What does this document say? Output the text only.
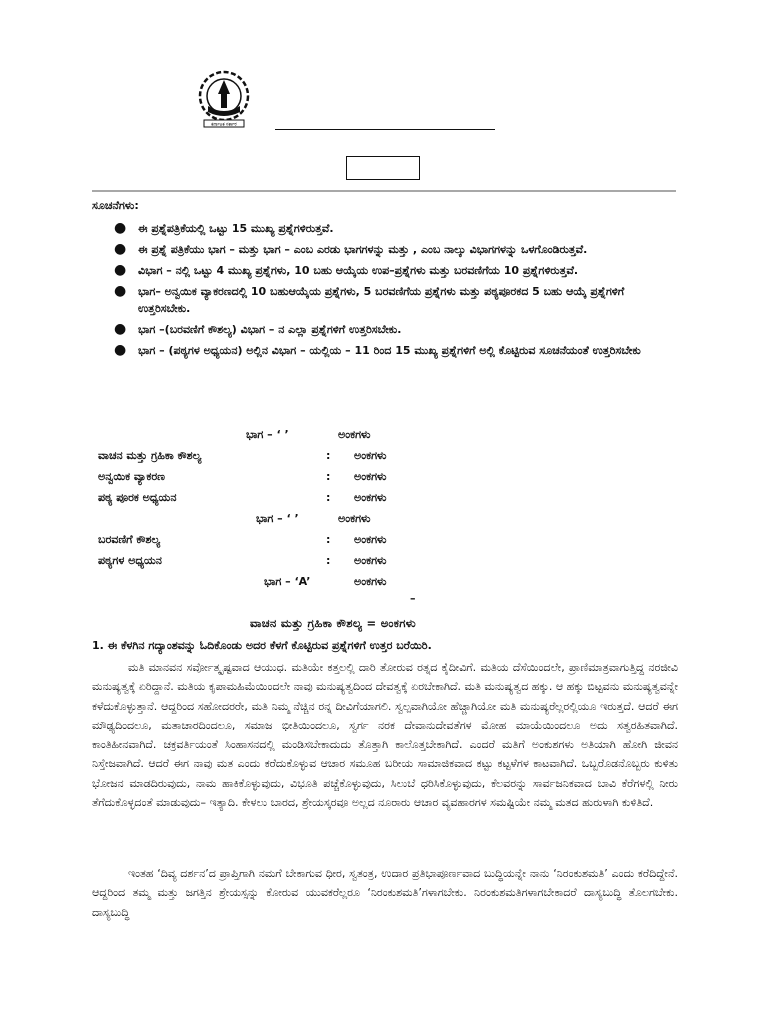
ಕರ್ನಾಟಕ ಸರ್ಕಾರ
ಸೂಚನೆಗಳು:
● ಈ ಪ್ರಶ್ನೆಪತ್ರಿಕೆಯಲ್ಲಿ ಒಟ್ಟು 15 ಮುಖ್ಯ ಪ್ರಶ್ನೆಗಳಿರುತ್ತವೆ.
● ಈ ಪ್ರಶ್ನೆ ಪತ್ರಿಕೆಯು ಭಾಗ – ಮತ್ತು ಭಾಗ – ಎಂಬ ಎರಡು ಭಾಗಗಳನ್ನು ಮತ್ತು , ಎಂಬ ನಾಲ್ಕು ವಿಭಾಗಗಳನ್ನು ಒಳಗೊಂಡಿರುತ್ತವೆ.
● ವಿಭಾಗ – ನಲ್ಲಿ ಒಟ್ಟು 4 ಮುಖ್ಯ ಪ್ರಶ್ನೆಗಳು, 10 ಬಹು ಆಯ್ಕೆಯ ಉಪ–ಪ್ರಶ್ನೆಗಳು ಮತ್ತು ಬರವಣಿಗೆಯ 10 ಪ್ರಶ್ನೆಗಳಿರುತ್ತವೆ.
● ಭಾಗ– ಅನ್ವಯಿಕ ವ್ಯಾಕರಣದಲ್ಲಿ 10 ಬಹುಆಯ್ಕೆಯ ಪ್ರಶ್ನೆಗಳು, 5 ಬರವಣಿಗೆಯ ಪ್ರಶ್ನೆಗಳು ಮತ್ತು ಪಠ್ಯಪೂರಕದ 5 ಬಹು ಆಯ್ಕೆ ಪ್ರಶ್ನೆಗಳಿಗೆ ಉತ್ತರಿಸಬೇಕು.
● ಭಾಗ –(ಬರವಣಿಗೆ ಕೌಶಲ್ಯ) ವಿಭಾಗ – ನ ಎಲ್ಲಾ ಪ್ರಶ್ನೆಗಳಿಗೆ ಉತ್ತರಿಸಬೇಕು.
● ಭಾಗ – (ಪಠ್ಯಗಳ ಅಧ್ಯಯನ) ಅಲ್ಲಿನ ವಿಭಾಗ – ಯಲ್ಲಿಯ – 11 ರಿಂದ 15 ಮುಖ್ಯ ಪ್ರಶ್ನೆಗಳಿಗೆ ಅಲ್ಲಿ ಕೊಟ್ಟಿರುವ ಸೂಚನೆಯಂತೆ ಉತ್ತರಿಸಬೇಕು
ಭಾಗ – ‘ ’	ಅಂಕಗಳು
ವಾಚನ ಮತ್ತು ಗ್ರಹಿಕಾ ಕೌಶಲ್ಯ	: ಅಂಕಗಳು
ಅನ್ವಯಿಕ ವ್ಯಾಕರಣ	: ಅಂಕಗಳು
ಪಠ್ಯ ಪೂರಕ ಅಧ್ಯಯನ	: ಅಂಕಗಳು
ಭಾಗ – ‘ ’	ಅಂಕಗಳು
ಬರವಣಿಗೆ ಕೌಶಲ್ಯ	: ಅಂಕಗಳು
ಪಠ್ಯಗಳ ಅಧ್ಯಯನ	: ಅಂಕಗಳು
ಭಾಗ – ‘A’	ಅಂಕಗಳು
–
ವಾಚನ ಮತ್ತು ಗ್ರಹಿಕಾ ಕೌಶಲ್ಯ = ಅಂಕಗಳು
1. ಈ ಕೆಳಗಿನ ಗದ್ಯಾಂಶವನ್ನು ಓದಿಕೊಂಡು ಅದರ ಕೆಳಗೆ ಕೊಟ್ಟಿರುವ ಪ್ರಶ್ನೆಗಳಿಗೆ ಉತ್ತರ ಬರೆಯಿರಿ.

ಮತಿ ಮಾನವನ ಸರ್ವೋತ್ಕೃಷ್ಟವಾದ ಆಯುಧ. ಮತಿಯೇ ಕತ್ತಲಲ್ಲಿ ದಾರಿ ತೋರುವ ರತ್ನದ ಕೈದೀವಿಗೆ. ಮತಿಯ ದೆಸೆಯಿಂದಲೇ, ಪ್ರಾಣಿಮಾತ್ರವಾಗುತ್ತಿದ್ದ ನರಜೀವಿ ಮನುಷ್ಯತ್ವಕ್ಕೆ ಏರಿದ್ದಾನೆ. ಮತಿಯ ಕೃಪಾಮಹಿಮೆಯಿಂದಲೇ ನಾವು ಮನುಷ್ಯತ್ವದಿಂದ ದೇವತ್ವಕ್ಕೆ ಏರಬೇಕಾಗಿದೆ. ಮತಿ ಮನುಷ್ಯತ್ವದ ಹಕ್ಕು. ಆ ಹಕ್ಕು ಬಿಟ್ಟವನು ಮನುಷ್ಯತ್ವವನ್ನೇ ಕಳೆದುಕೊಳ್ಳುತ್ತಾನೆ. ಆದ್ದರಿಂದ ಸಹೋದರರೇ, ಮತಿ ನಿಮ್ಮ ನೆಚ್ಚಿನ ರನ್ನ ದೀವಿಗೆಯಾಗಲಿ. ಸ್ವಲ್ಪವಾಗಿಯೋ ಹೆಚ್ಚಾಗಿಯೋ ಮತಿ ಮನುಷ್ಯರೆಲ್ಲರಲ್ಲಿಯೂ ಇರುತ್ತದೆ. ಆದರೆ ಈಗ ಮೌಢ್ಯದಿಂದಲೂ, ಮತಾಚಾರದಿಂದಲೂ, ಸಮಾಜ ಭೀತಿಯಿಂದಲೂ, ಸ್ವರ್ಗ ನರಕ ದೇವಾನುದೇವತೆಗಳ ಮೋಹ ಮಾಯೆಯಿಂದಲೂ ಅದು ಸತ್ವರಹಿತವಾಗಿದೆ. ಕಾಂತಿಹೀನವಾಗಿದೆ. ಚಕ್ರವರ್ತಿಯಂತೆ ಸಿಂಹಾಸನದಲ್ಲಿ ಮಂಡಿಸಬೇಕಾದುದು ತೊತ್ತಾಗಿ ಕಾಲೊತ್ತಬೇಕಾಗಿದೆ. ಎಂದರೆ ಮತಿಗೆ ಅಂಕುಶಗಳು ಅತಿಯಾಗಿ ಹೋಗಿ ಜೀವನ ನಿಸ್ತೇಜವಾಗಿದೆ. ಆದರೆ ಈಗ ನಾವು ಮತ ಎಂದು ಕರೆದುಕೊಳ್ಳುವ ಆಚಾರ ಸಮೂಹ ಬರೀಯ ಸಾಮಾಜಿಕವಾದ ಕಟ್ಟು ಕಟ್ಟಳೆಗಳ ಕಾಟವಾಗಿದೆ. ಒಬ್ಬರೊಡನೊಬ್ಬರು ಕುಳಿತು ಭೋಜನ ಮಾಡದಿರುವುದು, ನಾಮ ಹಾಕಿಕೊಳ್ಳುವುದು, ವಿಭೂತಿ ಪಚ್ಚೆಕೊಳ್ಳುವುದು, ಸಿಲುಬೆ ಧರಿಸಿಕೊಳ್ಳುವುದು, ಕೆಲವರನ್ನು ಸಾರ್ವಜನಿಕವಾದ ಬಾವಿ ಕೆರೆಗಳಲ್ಲಿ ನೀರು ತೆಗೆದುಕೊಳ್ಳದಂತೆ ಮಾಡುವುದು– ಇತ್ಯಾದಿ. ಕೇಳಲು ಬಾರದ, ಶ್ರೇಯಸ್ಕರವೂ ಅಲ್ಲದ ನೂರಾರು ಆಚಾರ ವ್ಯವಹಾರಗಳ ಸಮಷ್ಟಿಯೇ ನಮ್ಮ ಮತದ ಹುರುಳಾಗಿ ಕುಳಿತಿದೆ.

ಇಂತಹ ‘ದಿವ್ಯ ದರ್ಶನ’ದ ಪ್ರಾಪ್ತಿಗಾಗಿ ನಮಗೆ ಬೇಕಾಗುವ ಧೀರ, ಸ್ವತಂತ್ರ, ಉದಾರ ಪ್ರತಿಭಾಪೂರ್ಣವಾದ ಬುದ್ಧಿಯನ್ನೇ ನಾನು ‘ನಿರಂಕುಶಮತಿ’ ಎಂದು ಕರೆದಿದ್ದೇನೆ. ಆದ್ದರಿಂದ ತಮ್ಮ ಮತ್ತು ಜಗತ್ತಿನ ಶ್ರೇಯಸ್ಸನ್ನು ಕೋರುವ ಯುವಕರೆಲ್ಲರೂ ‘ನಿರಂಕುಶಮತಿ’ಗಳಾಗಬೇಕು. ನಿರಂಕುಶಮತಿಗಳಾಗಬೇಕಾದರೆ ದಾಸ್ಯಬುದ್ಧಿ ತೊಲಗಬೇಕು. ದಾಸ್ಯಬುದ್ಧಿ
